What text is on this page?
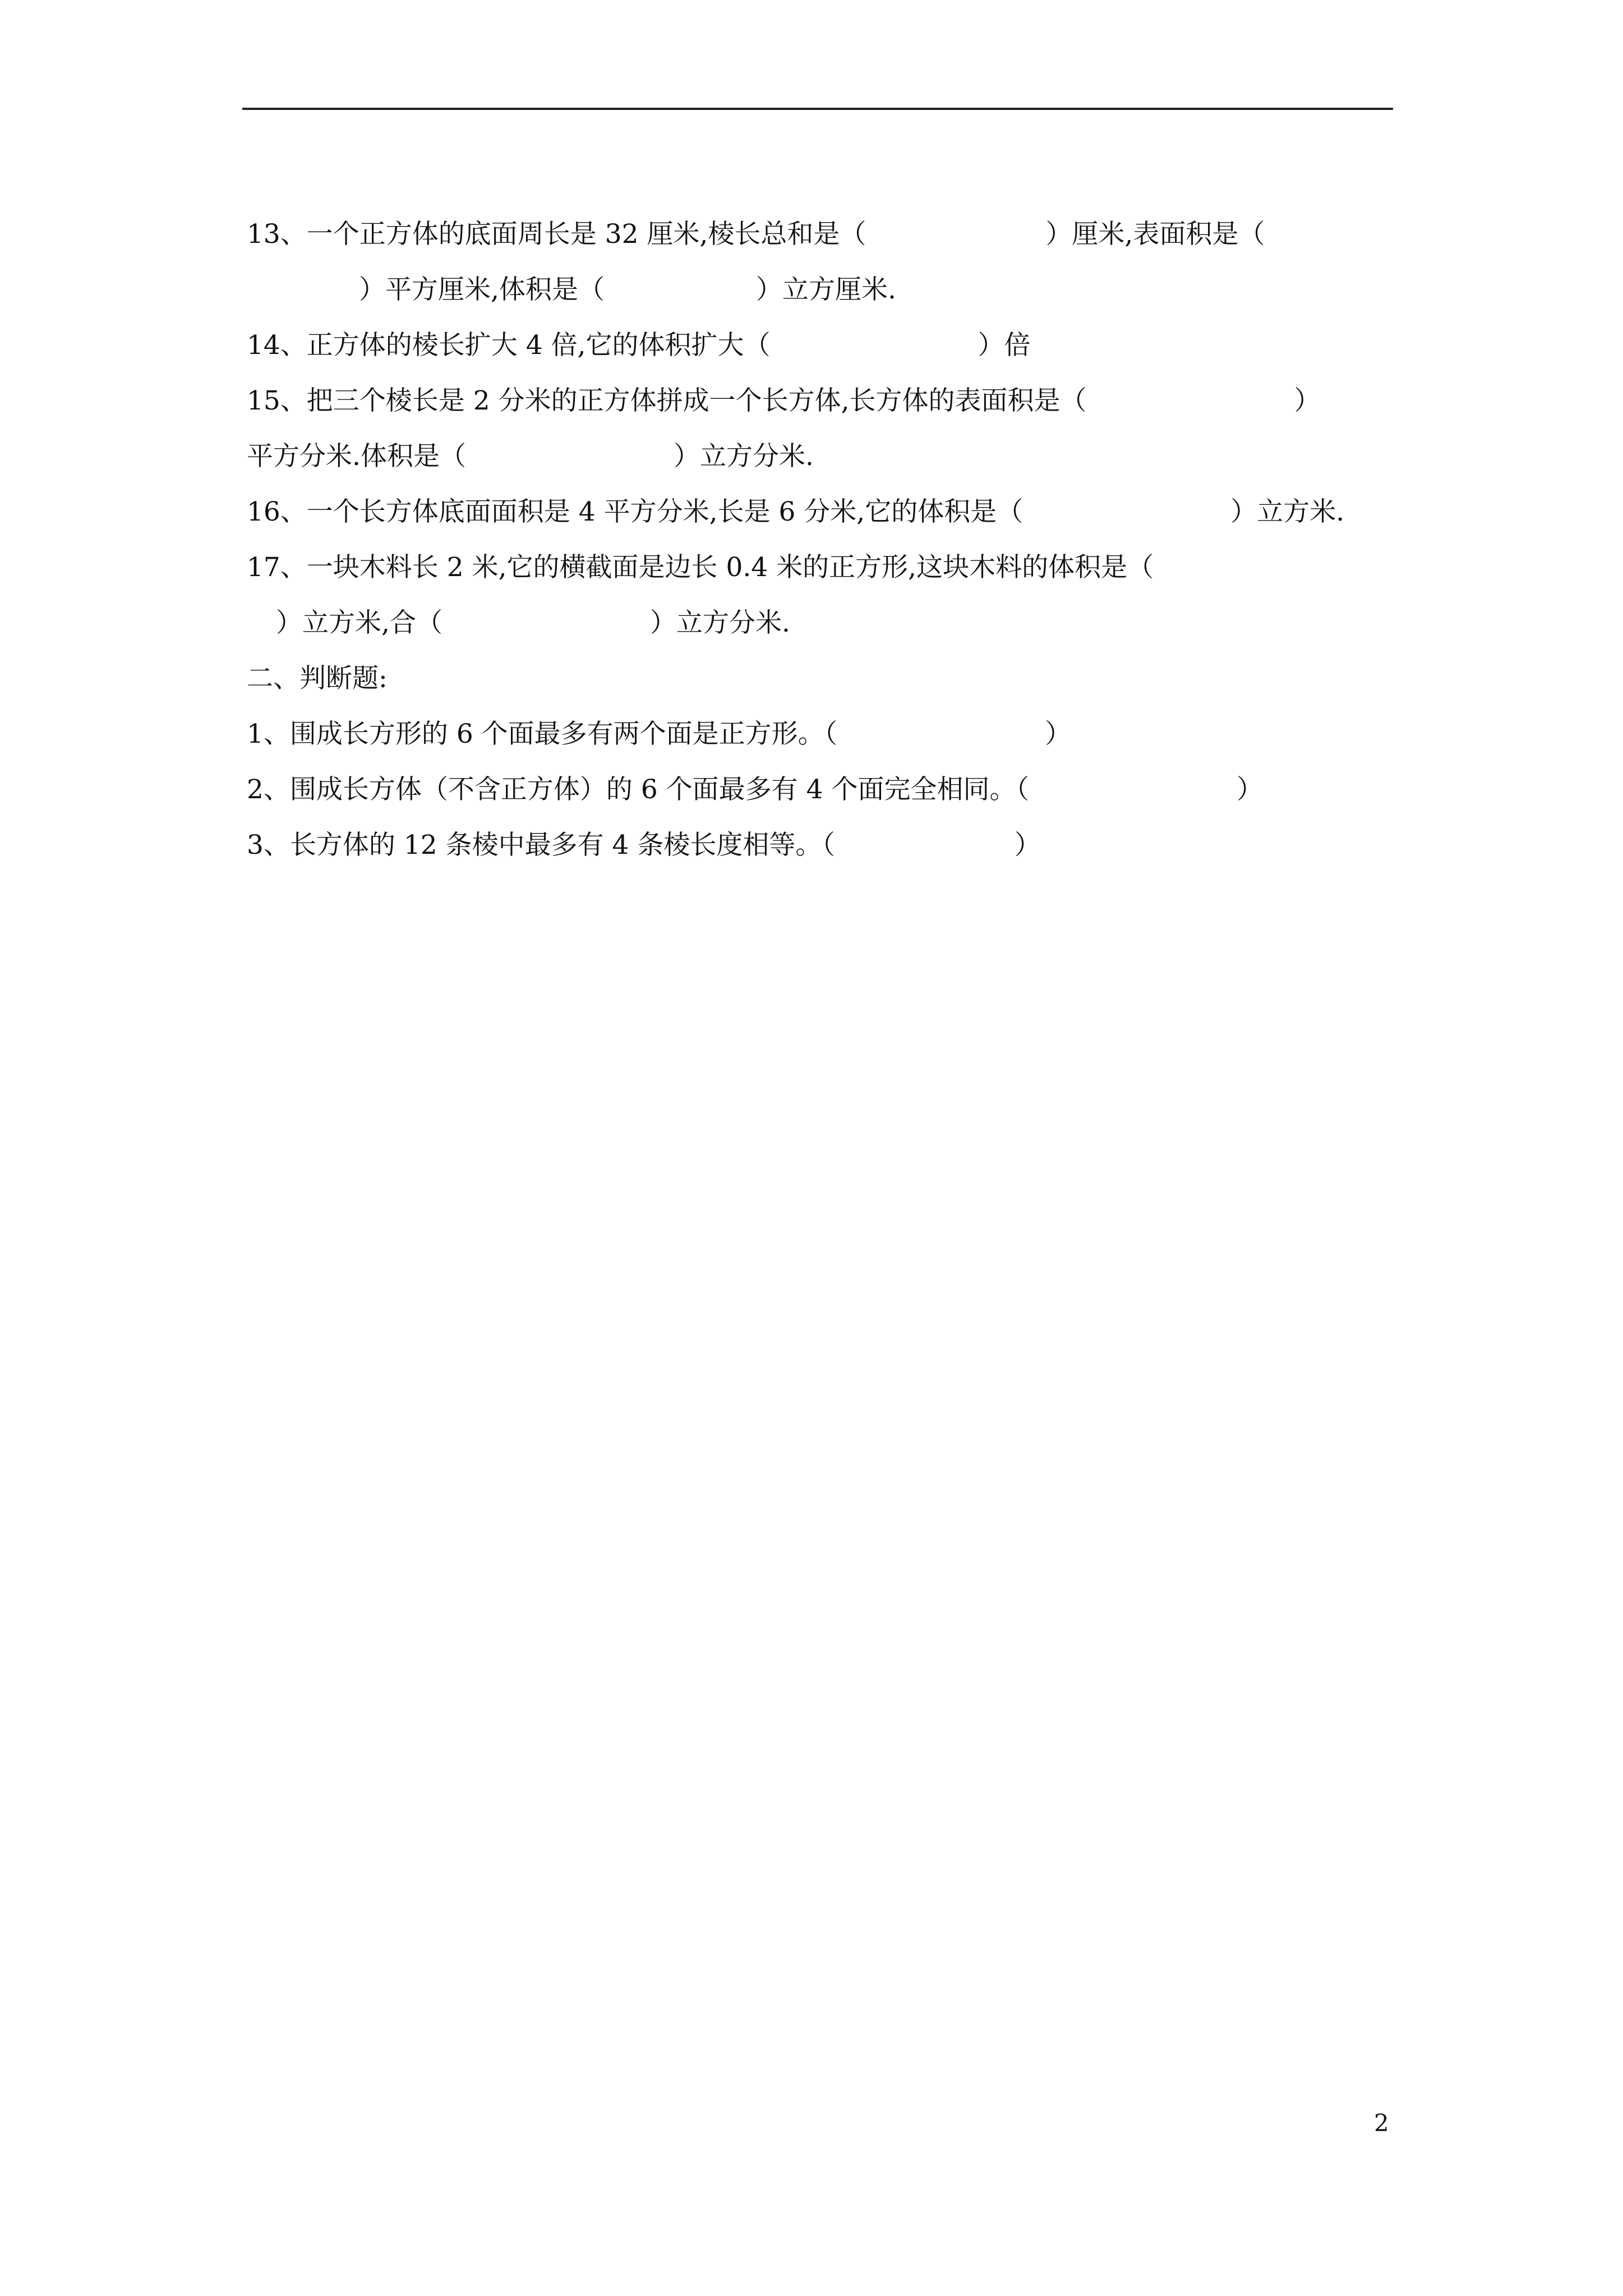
13、一个正方体的底面周长是 32 厘米,棱长总和是（	）厘米,表面积是（
）平方厘米,体积是（	）立方厘米.
14、正方体的棱长扩大 4 倍,它的体积扩大（	）倍
15、把三个棱长是 2 分米的正方体拼成一个长方体,长方体的表面积是（	）
平方分米.体积是（	）立方分米.
16、一个长方体底面面积是 4 平方分米,长是 6 分米,它的体积是（	）立方米.
17、一块木料长 2 米,它的横截面是边长 0.4 米的正方形,这块木料的体积是（
）立方米,合（	）立方分米.
二、判断题:
1、围成长方形的 6 个面最多有两个面是正方形。（	）
2、围成长方体（不含正方体）的 6 个面最多有 4 个面完全相同。（	）
3、长方体的 12 条棱中最多有 4 条棱长度相等。（	）
2
